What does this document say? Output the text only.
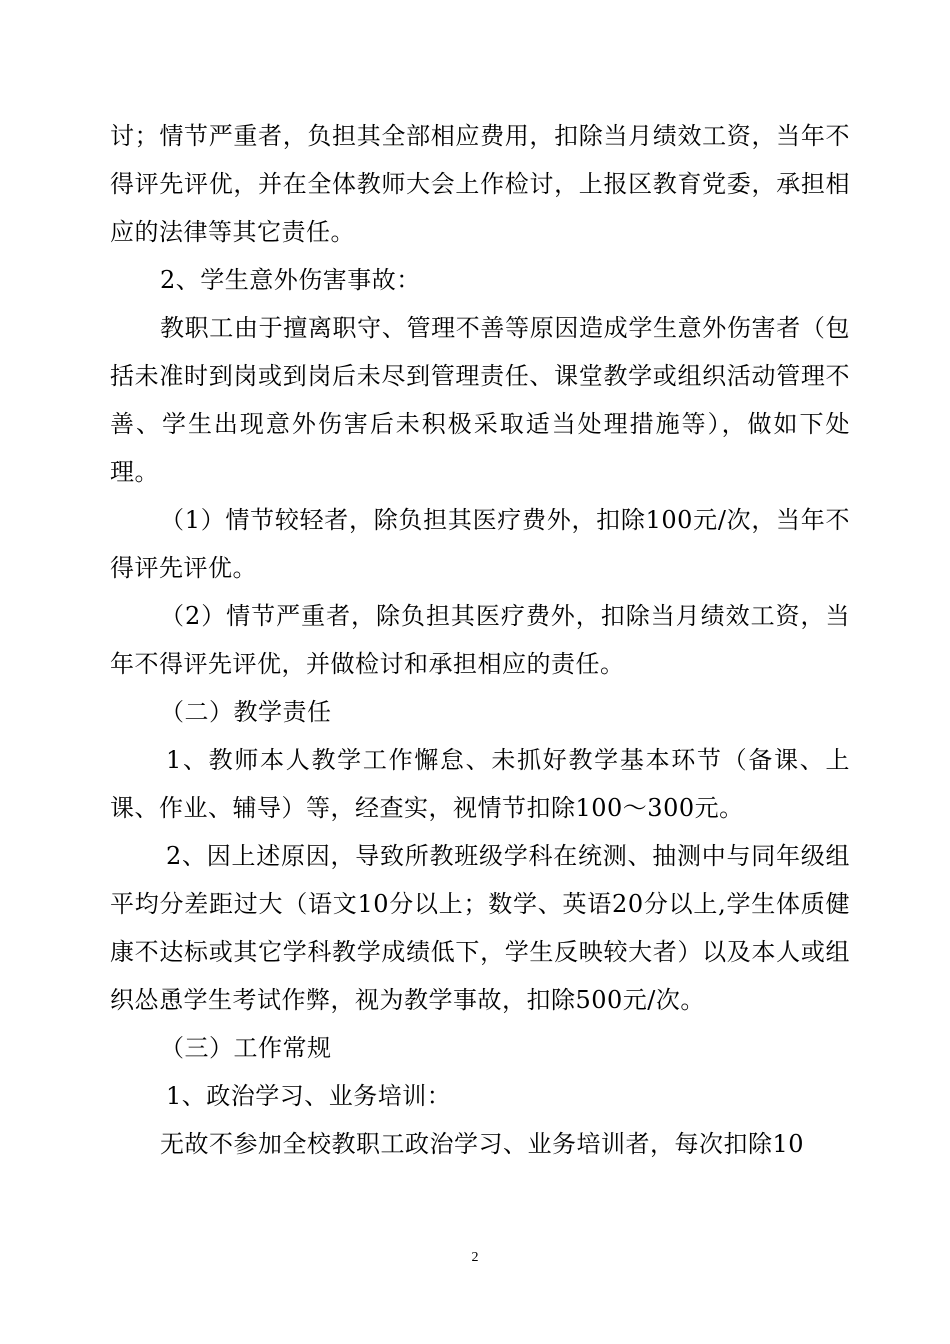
讨；情节严重者，负担其全部相应费用，扣除当月绩效工资，当年不得评先评优，并在全体教师大会上作检讨，上报区教育党委，承担相应的法律等其它责任。

2、学生意外伤害事故：

教职工由于擅离职守、管理不善等原因造成学生意外伤害者（包括未准时到岗或到岗后未尽到管理责任、课堂教学或组织活动管理不善、学生出现意外伤害后未积极采取适当处理措施等），做如下处理。

（1）情节较轻者，除负担其医疗费外，扣除100元/次，当年不得评先评优。

（2）情节严重者，除负担其医疗费外，扣除当月绩效工资，当年不得评先评优，并做检讨和承担相应的责任。

（二）教学责任

1、教师本人教学工作懈怠、未抓好教学基本环节（备课、上课、作业、辅导）等，经查实，视情节扣除100～300元。

2、因上述原因，导致所教班级学科在统测、抽测中与同年级组平均分差距过大（语文10分以上；数学、英语20分以上,学生体质健康不达标或其它学科教学成绩低下，学生反映较大者）以及本人或组织怂恿学生考试作弊，视为教学事故，扣除500元/次。

（三）工作常规

1、政治学习、业务培训：

无故不参加全校教职工政治学习、业务培训者，每次扣除10

2
